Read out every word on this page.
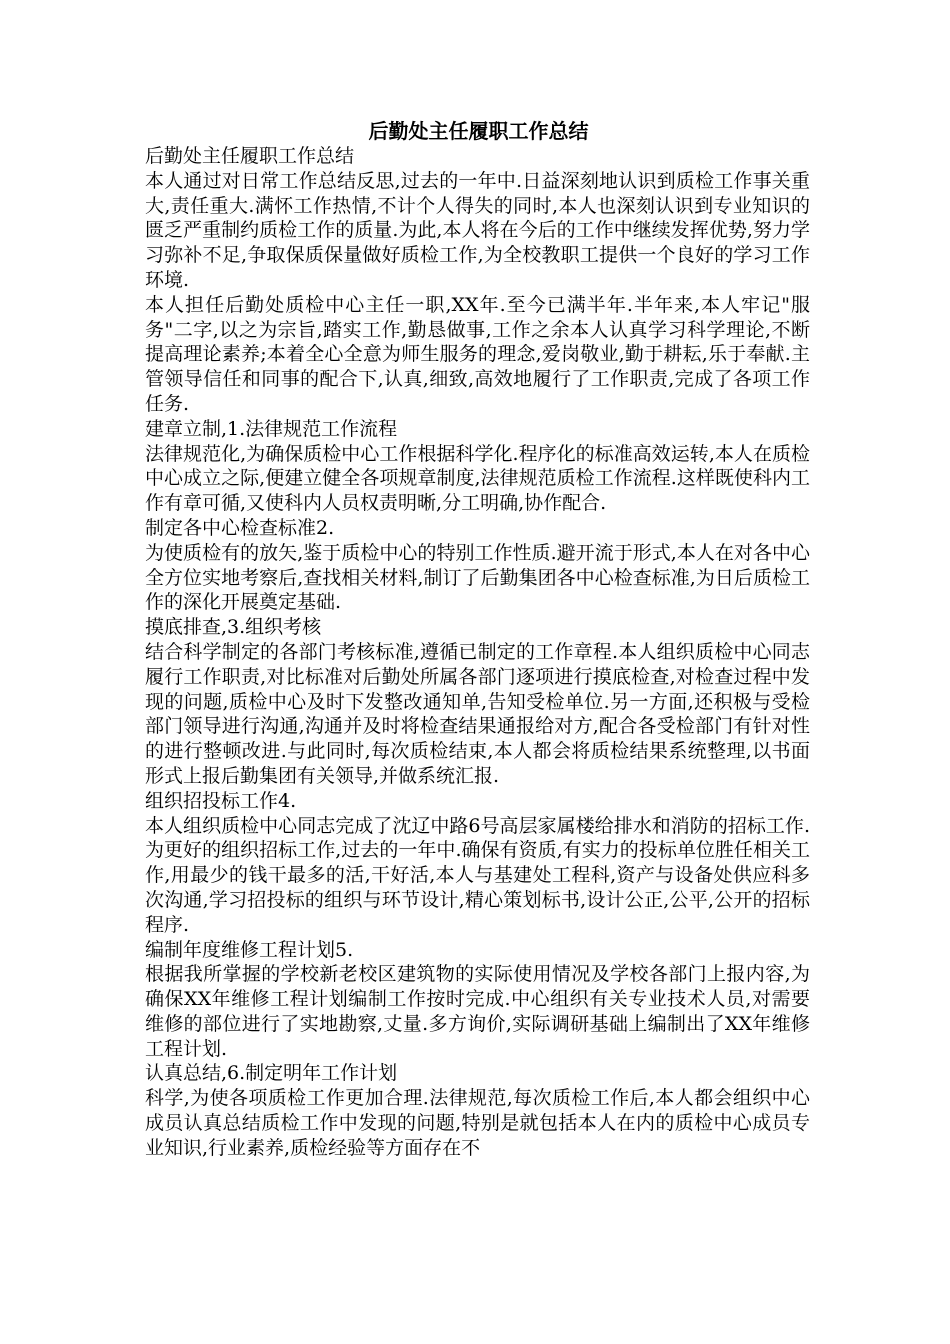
后勤处主任履职工作总结

后勤处主任履职工作总结

本人通过对日常工作总结反思,过去的一年中.日益深刻地认识到质检工作事关重大,责任重大.满怀工作热情,不计个人得失的同时,本人也深刻认识到专业知识的匮乏严重制约质检工作的质量.为此,本人将在今后的工作中继续发挥优势,努力学习弥补不足,争取保质保量做好质检工作,为全校教职工提供一个良好的学习工作环境.

本人担任后勤处质检中心主任一职,XX年.至今已满半年.半年来,本人牢记"服务"二字,以之为宗旨,踏实工作,勤恳做事,工作之余本人认真学习科学理论,不断提高理论素养;本着全心全意为师生服务的理念,爱岗敬业,勤于耕耘,乐于奉献.主管领导信任和同事的配合下,认真,细致,高效地履行了工作职责,完成了各项工作任务.

建章立制,1.法律规范工作流程

法律规范化,为确保质检中心工作根据科学化.程序化的标准高效运转,本人在质检中心成立之际,便建立健全各项规章制度,法律规范质检工作流程.这样既使科内工作有章可循,又使科内人员权责明晰,分工明确,协作配合.

制定各中心检查标准2.

为使质检有的放矢,鉴于质检中心的特别工作性质.避开流于形式,本人在对各中心全方位实地考察后,查找相关材料,制订了后勤集团各中心检查标准,为日后质检工作的深化开展奠定基础.

摸底排查,3.组织考核

结合科学制定的各部门考核标准,遵循已制定的工作章程.本人组织质检中心同志履行工作职责,对比标准对后勤处所属各部门逐项进行摸底检查,对检查过程中发现的问题,质检中心及时下发整改通知单,告知受检单位.另一方面,还积极与受检部门领导进行沟通,沟通并及时将检查结果通报给对方,配合各受检部门有针对性的进行整顿改进.与此同时,每次质检结束,本人都会将质检结果系统整理,以书面形式上报后勤集团有关领导,并做系统汇报.

组织招投标工作4.

本人组织质检中心同志完成了沈辽中路6号高层家属楼给排水和消防的招标工作.为更好的组织招标工作,过去的一年中.确保有资质,有实力的投标单位胜任相关工作,用最少的钱干最多的活,干好活,本人与基建处工程科,资产与设备处供应科多次沟通,学习招投标的组织与环节设计,精心策划标书,设计公正,公平,公开的招标程序.

编制年度维修工程计划5.

根据我所掌握的学校新老校区建筑物的实际使用情况及学校各部门上报内容,为确保XX年维修工程计划编制工作按时完成.中心组织有关专业技术人员,对需要维修的部位进行了实地勘察,丈量.多方询价,实际调研基础上编制出了XX年维修工程计划.

认真总结,6.制定明年工作计划

科学,为使各项质检工作更加合理.法律规范,每次质检工作后,本人都会组织中心成员认真总结质检工作中发现的问题,特别是就包括本人在内的质检中心成员专业知识,行业素养,质检经验等方面存在不
